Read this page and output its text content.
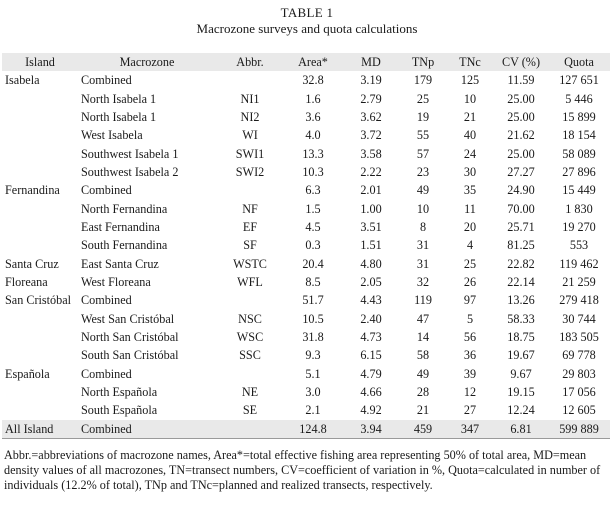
TABLE 1
Macrozone surveys and quota calculations
Island	Macrozone	Abbr.	Area*	MD	TNp	TNc	CV (%)	Quota
Isabela	Combined		32.8	3.19	179	125	11.59	127 651
	North Isabela 1	NI1	1.6	2.79	25	10	25.00	5 446
	North Isabela 1	NI2	3.6	3.62	19	21	25.00	15 899
	West Isabela	WI	4.0	3.72	55	40	21.62	18 154
	Southwest Isabela 1	SWI1	13.3	3.58	57	24	25.00	58 089
	Southwest Isabela 2	SWI2	10.3	2.22	23	30	27.27	27 896
Fernandina	Combined		6.3	2.01	49	35	24.90	15 449
	North Fernandina	NF	1.5	1.00	10	11	70.00	1 830
	East Fernandina	EF	4.5	3.51	8	20	25.71	19 270
	South Fernandina	SF	0.3	1.51	31	4	81.25	553
Santa Cruz	East Santa Cruz	WSTC	20.4	4.80	31	25	22.82	119 462
Floreana	West Floreana	WFL	8.5	2.05	32	26	22.14	21 259
San Cristóbal	Combined		51.7	4.43	119	97	13.26	279 418
	West San Cristóbal	NSC	10.5	2.40	47	5	58.33	30 744
	North San Cristóbal	WSC	31.8	4.73	14	56	18.75	183 505
	South San Cristóbal	SSC	9.3	6.15	58	36	19.67	69 778
Española	Combined		5.1	4.79	49	39	9.67	29 803
	North Española	NE	3.0	4.66	28	12	19.15	17 056
	South Española	SE	2.1	4.92	21	27	12.24	12 605
All Island	Combined		124.8	3.94	459	347	6.81	599 889
Abbr.=abbreviations of macrozone names, Area*=total effective fishing area representing 50% of total area, MD=mean density values of all macrozones, TN=transect numbers, CV=coefficient of variation in %, Quota=calculated in number of individuals (12.2% of total), TNp and TNc=planned and realized transects, respectively.
